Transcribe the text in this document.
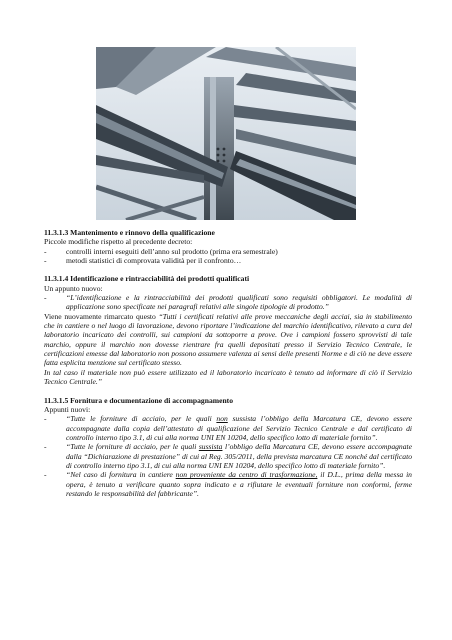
11.3.1.3 Mantenimento e rinnovo della qualificazione

Piccole modifiche rispetto al precedente decreto:

-	controlli interni eseguiti dell’anno sul prodotto (prima era semestrale)
-	metodi statistici di comprovata validità per il confronto…

11.3.1.4 Identificazione e rintracciabilità dei prodotti qualificati

Un appunto nuovo:

-	“L’identificazione e la rintracciabilità dei prodotti qualificati sono requisiti obbligatori. Le modalità di applicazione sono specificate nei paragrafi relativi alle singole tipologie di prodotto.”

Viene nuovamente rimarcato questo “Tutti i certificati relativi alle prove meccaniche degli acciai, sia in stabilimento che in cantiere o nel luogo di lavorazione, devono riportare l’indicazione del marchio identificativo, rilevato a cura del laboratorio incaricato dei controlli, sui campioni da sottoporre a prove. Ove i campioni fossero sprovvisti di tale marchio, oppure il marchio non dovesse rientrare fra quelli depositati presso il Servizio Tecnico Centrale, le certificazioni emesse dal laboratorio non possono assumere valenza ai sensi delle presenti Norme e di ciò ne deve essere fatta esplicita menzione sul certificato stesso.

In tal caso il materiale non può essere utilizzato ed il laboratorio incaricato è tenuto ad informare di ciò il Servizio Tecnico Centrale.”

11.3.1.5 Fornitura e documentazione di accompagnamento

Appunti nuovi:

-	“Tutte le forniture di acciaio, per le quali non sussista l’obbligo della Marcatura CE, devono essere accompagnate dalla copia dell’attestato di qualificazione del Servizio Tecnico Centrale e dal certificato di controllo interno tipo 3.1, di cui alla norma UNI EN 10204, dello specifico lotto di materiale fornito”.
-	“Tutte le forniture di acciaio, per le quali sussista l’obbligo della Marcatura CE, devono essere accompagnate dalla “Dichiarazione di prestazione” di cui al Reg. 305/2011, della prevista marcatura CE nonché dal certificato di controllo interno tipo 3.1, di cui alla norma UNI EN 10204, dello specifico lotto di materiale fornito”.
-	“Nel caso di fornitura in cantiere non proveniente da centro di trasformazione, il D.L., prima della messa in opera, è tenuto a verificare quanto sopra indicato e a rifiutare le eventuali forniture non conformi, ferme restando le responsabilità del fabbricante”.
